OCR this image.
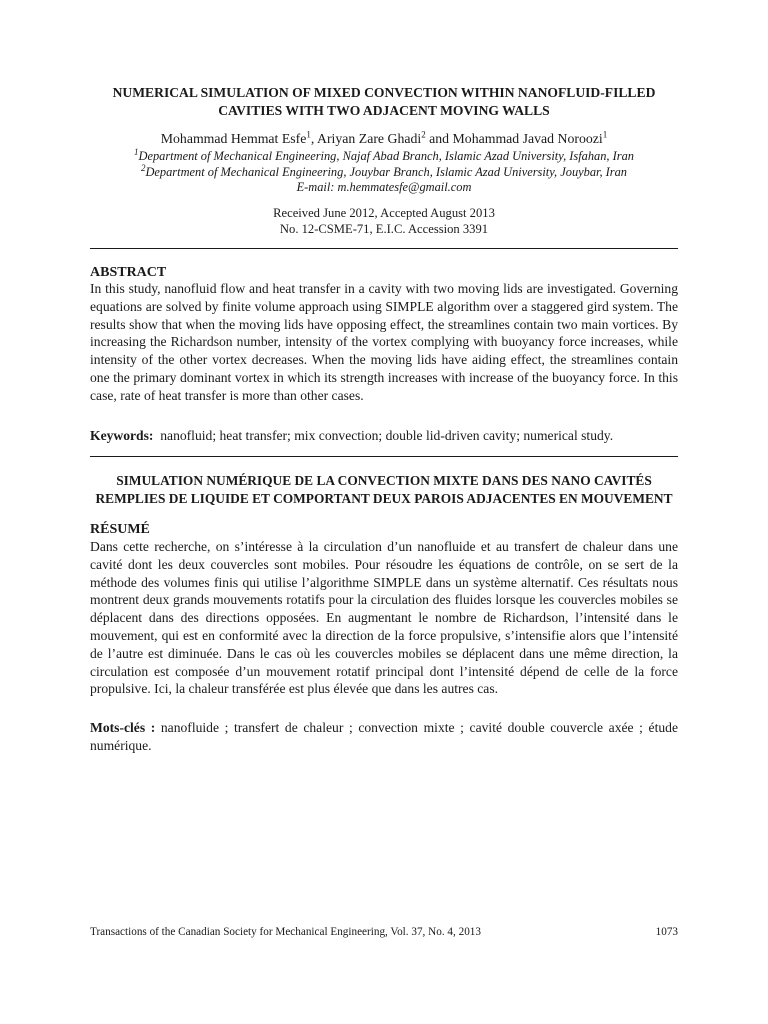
NUMERICAL SIMULATION OF MIXED CONVECTION WITHIN NANOFLUID-FILLED CAVITIES WITH TWO ADJACENT MOVING WALLS
Mohammad Hemmat Esfe$^1$, Ariyan Zare Ghadi$^2$ and Mohammad Javad Noroozi$^1$

$^1$Department of Mechanical Engineering, Najaf Abad Branch, Islamic Azad University, Isfahan, Iran

$^2$Department of Mechanical Engineering, Jouybar Branch, Islamic Azad University, Jouybar, Iran

E-mail: m.hemmatesfe@gmail.com

Received June 2012, Accepted August 2013

No. 12-CSME-71, E.I.C. Accession 3391

ABSTRACT

In this study, nanofluid flow and heat transfer in a cavity with two moving lids are investigated. Governing equations are solved by finite volume approach using SIMPLE algorithm over a staggered gird system. The results show that when the moving lids have opposing effect, the streamlines contain two main vortices. By increasing the Richardson number, intensity of the vortex complying with buoyancy force increases, while intensity of the other vortex decreases. When the moving lids have aiding effect, the streamlines contain one the primary dominant vortex in which its strength increases with increase of the buoyancy force. In this case, rate of heat transfer is more than other cases.

Keywords: nanofluid; heat transfer; mix convection; double lid-driven cavity; numerical study.

SIMULATION NUMÉRIQUE DE LA CONVECTION MIXTE DANS DES NANO CAVITÉS REMPLIES DE LIQUIDE ET COMPORTANT DEUX PAROIS ADJACENTES EN MOUVEMENT
RÉSUMÉ

Dans cette recherche, on s’intéresse à la circulation d’un nanofluide et au transfert de chaleur dans une cavité dont les deux couvercles sont mobiles. Pour résoudre les équations de contrôle, on se sert de la méthode des volumes finis qui utilise l’algorithme SIMPLE dans un système alternatif. Ces résultats nous montrent deux grands mouvements rotatifs pour la circulation des fluides lorsque les couvercles mobiles se déplacent dans des directions opposées. En augmentant le nombre de Richardson, l’intensité dans le mouvement, qui est en conformité avec la direction de la force propulsive, s’intensifie alors que l’intensité de l’autre est diminuée. Dans le cas où les couvercles mobiles se déplacent dans une même direction, la circulation est composée d’un mouvement rotatif principal dont l’intensité dépend de celle de la force propulsive. Ici, la chaleur transférée est plus élevée que dans les autres cas.

Mots-clés : nanofluide ; transfert de chaleur ; convection mixte ; cavité double couvercle axée ; étude numérique.

Transactions of the Canadian Society for Mechanical Engineering, Vol. 37, No. 4, 2013	1073
